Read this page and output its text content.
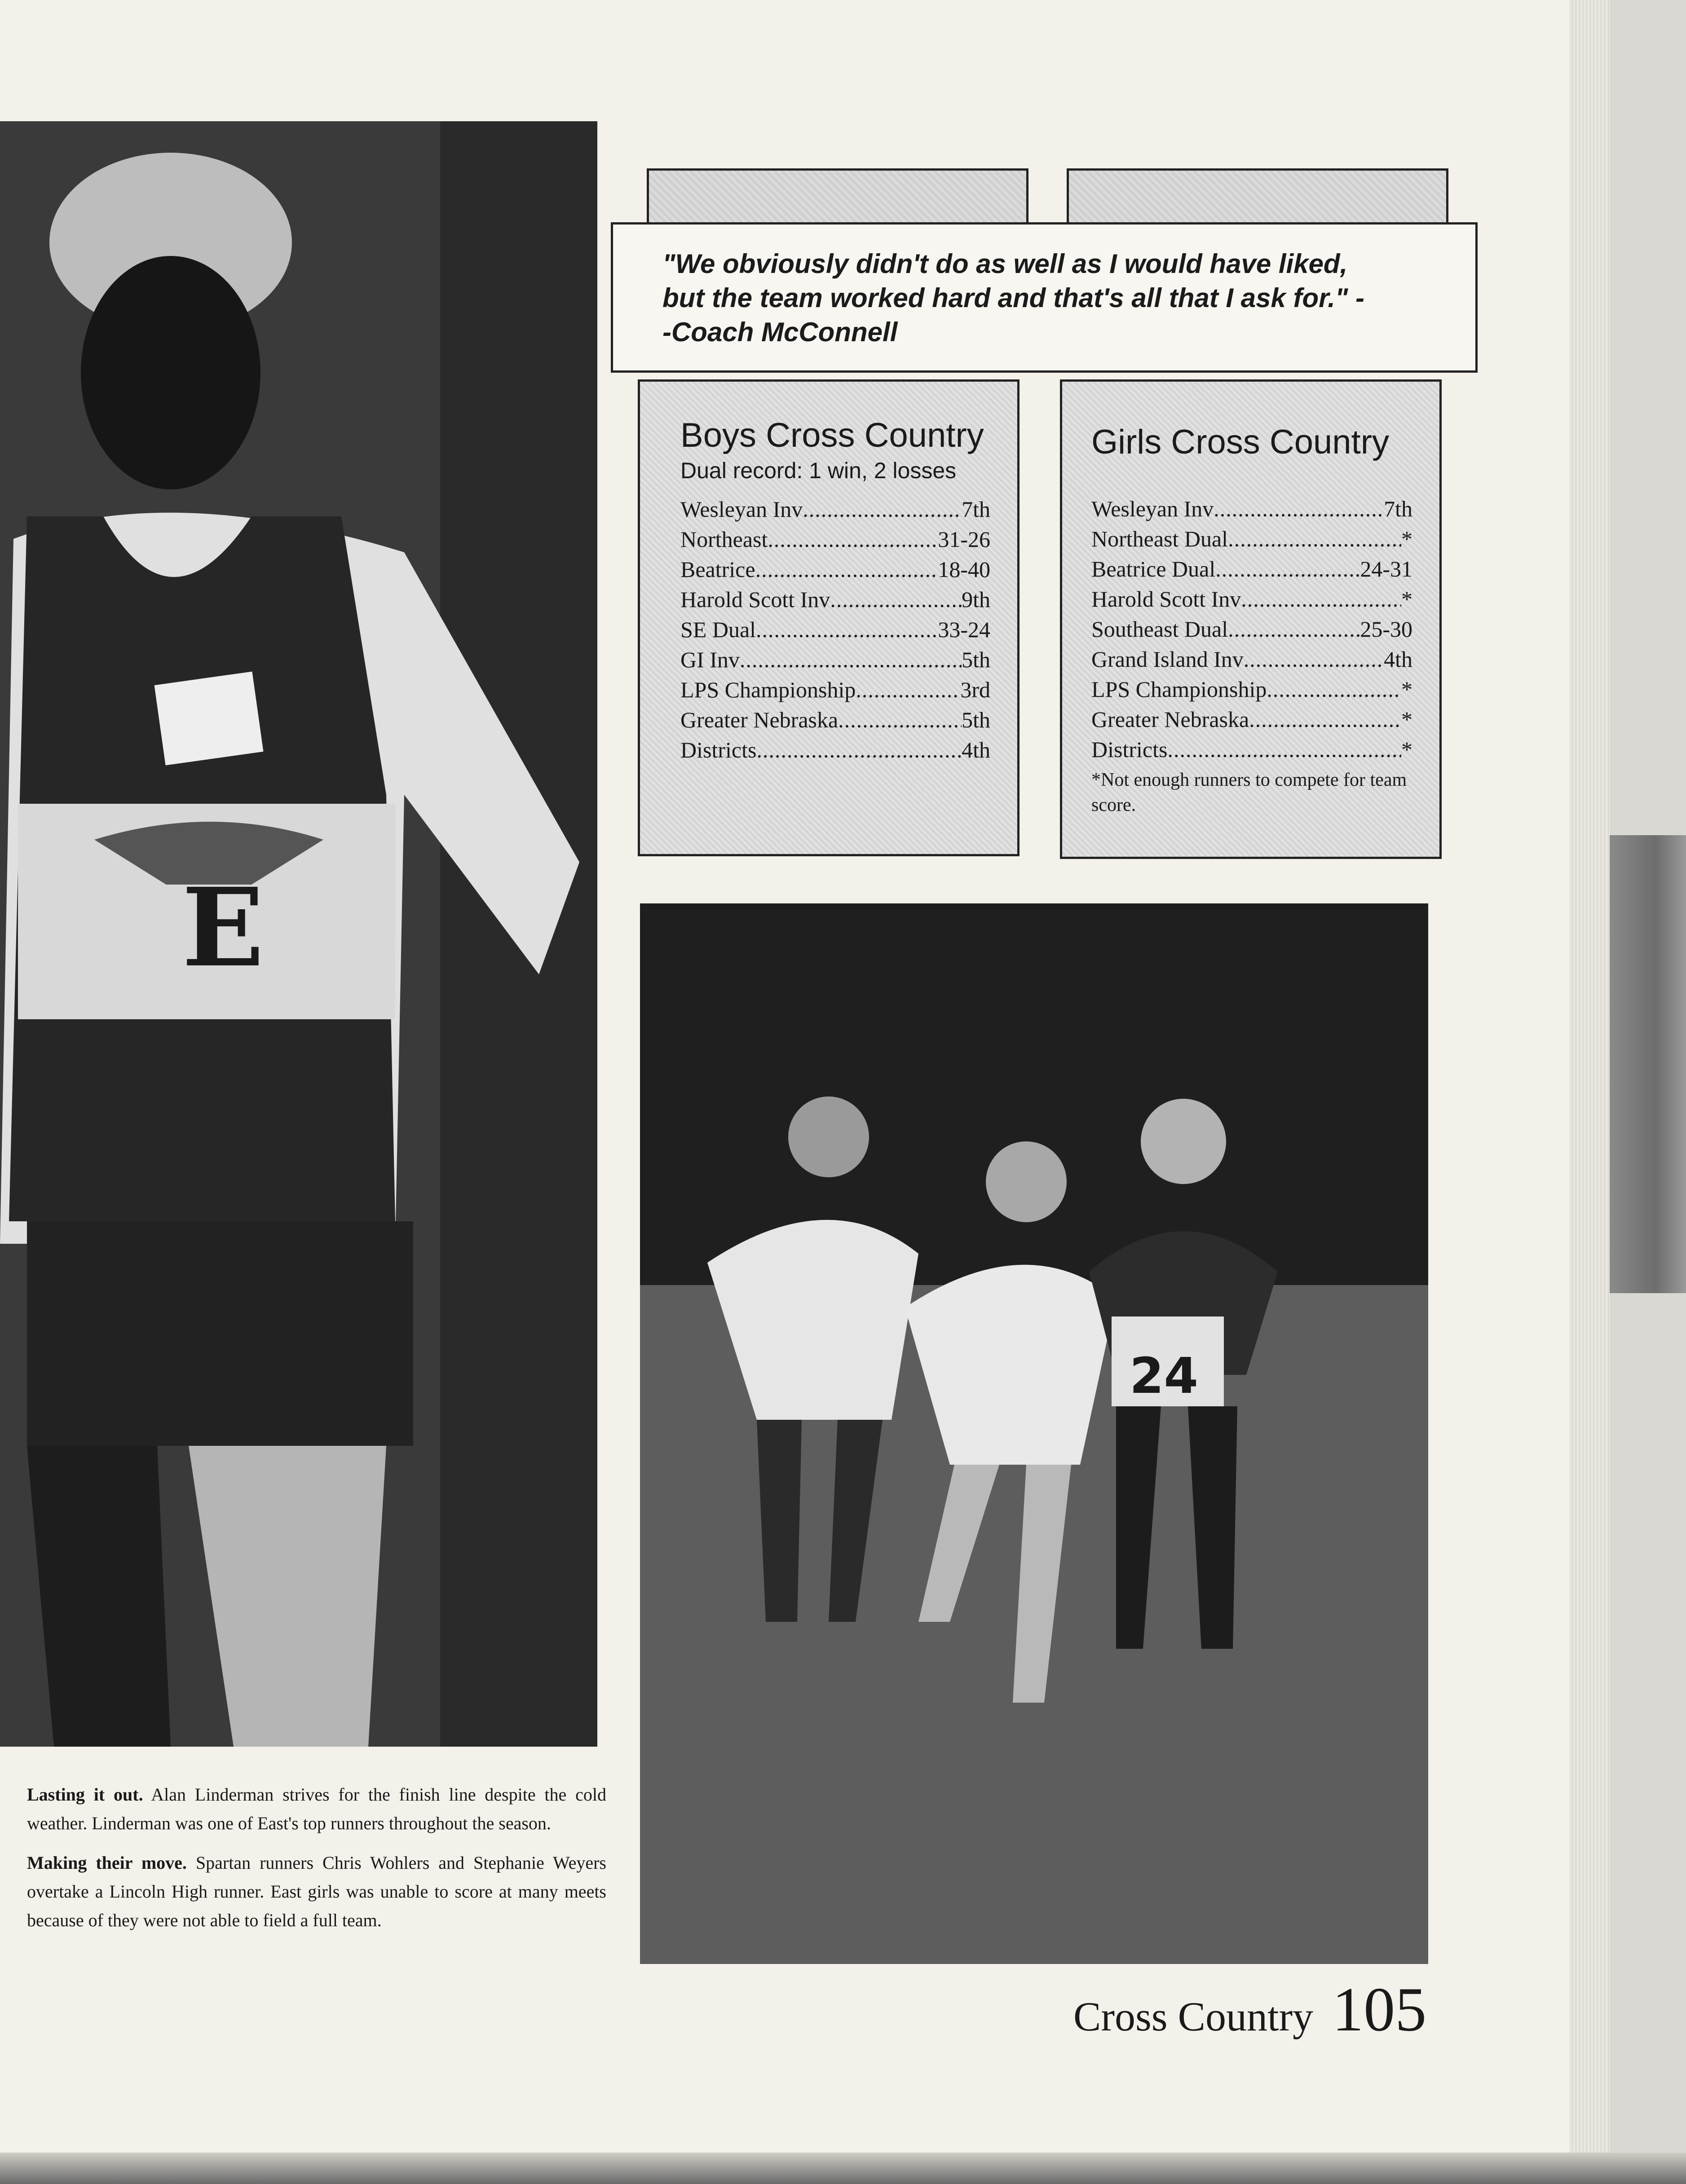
E
"We obviously didn't do as well as I would have liked,
but the team worked hard and that's all that I ask for." -
-Coach McConnell
Boys Cross Country
Dual record: 1 win, 2 losses
Wesleyan Inv .....	7th
Northeast .....	31-26
Beatrice .....	18-40
Harold Scott Inv .....	9th
SE Dual .....	33-24
GI Inv .....	5th
LPS Championship .....	3rd
Greater Nebraska .....	5th
Districts .....	4th
Girls Cross Country
Wesleyan Inv .....	7th
Northeast Dual .....	*
Beatrice Dual .....	24-31
Harold Scott Inv .....	*
Southeast Dual .....	25-30
Grand Island Inv .....	4th
LPS Championship .....	*
Greater Nebraska .....	*
Districts .....	*
*Not enough runners to compete for team score.
24

Lasting it out. Alan Linderman strives for the finish line despite the cold weather. Linderman was one of East's top runners throughout the season.

Making their move. Spartan runners Chris Wohlers and Stephanie Weyers overtake a Lincoln High runner. East girls was unable to score at many meets because of they were not able to field a full team.

Cross Country 105
